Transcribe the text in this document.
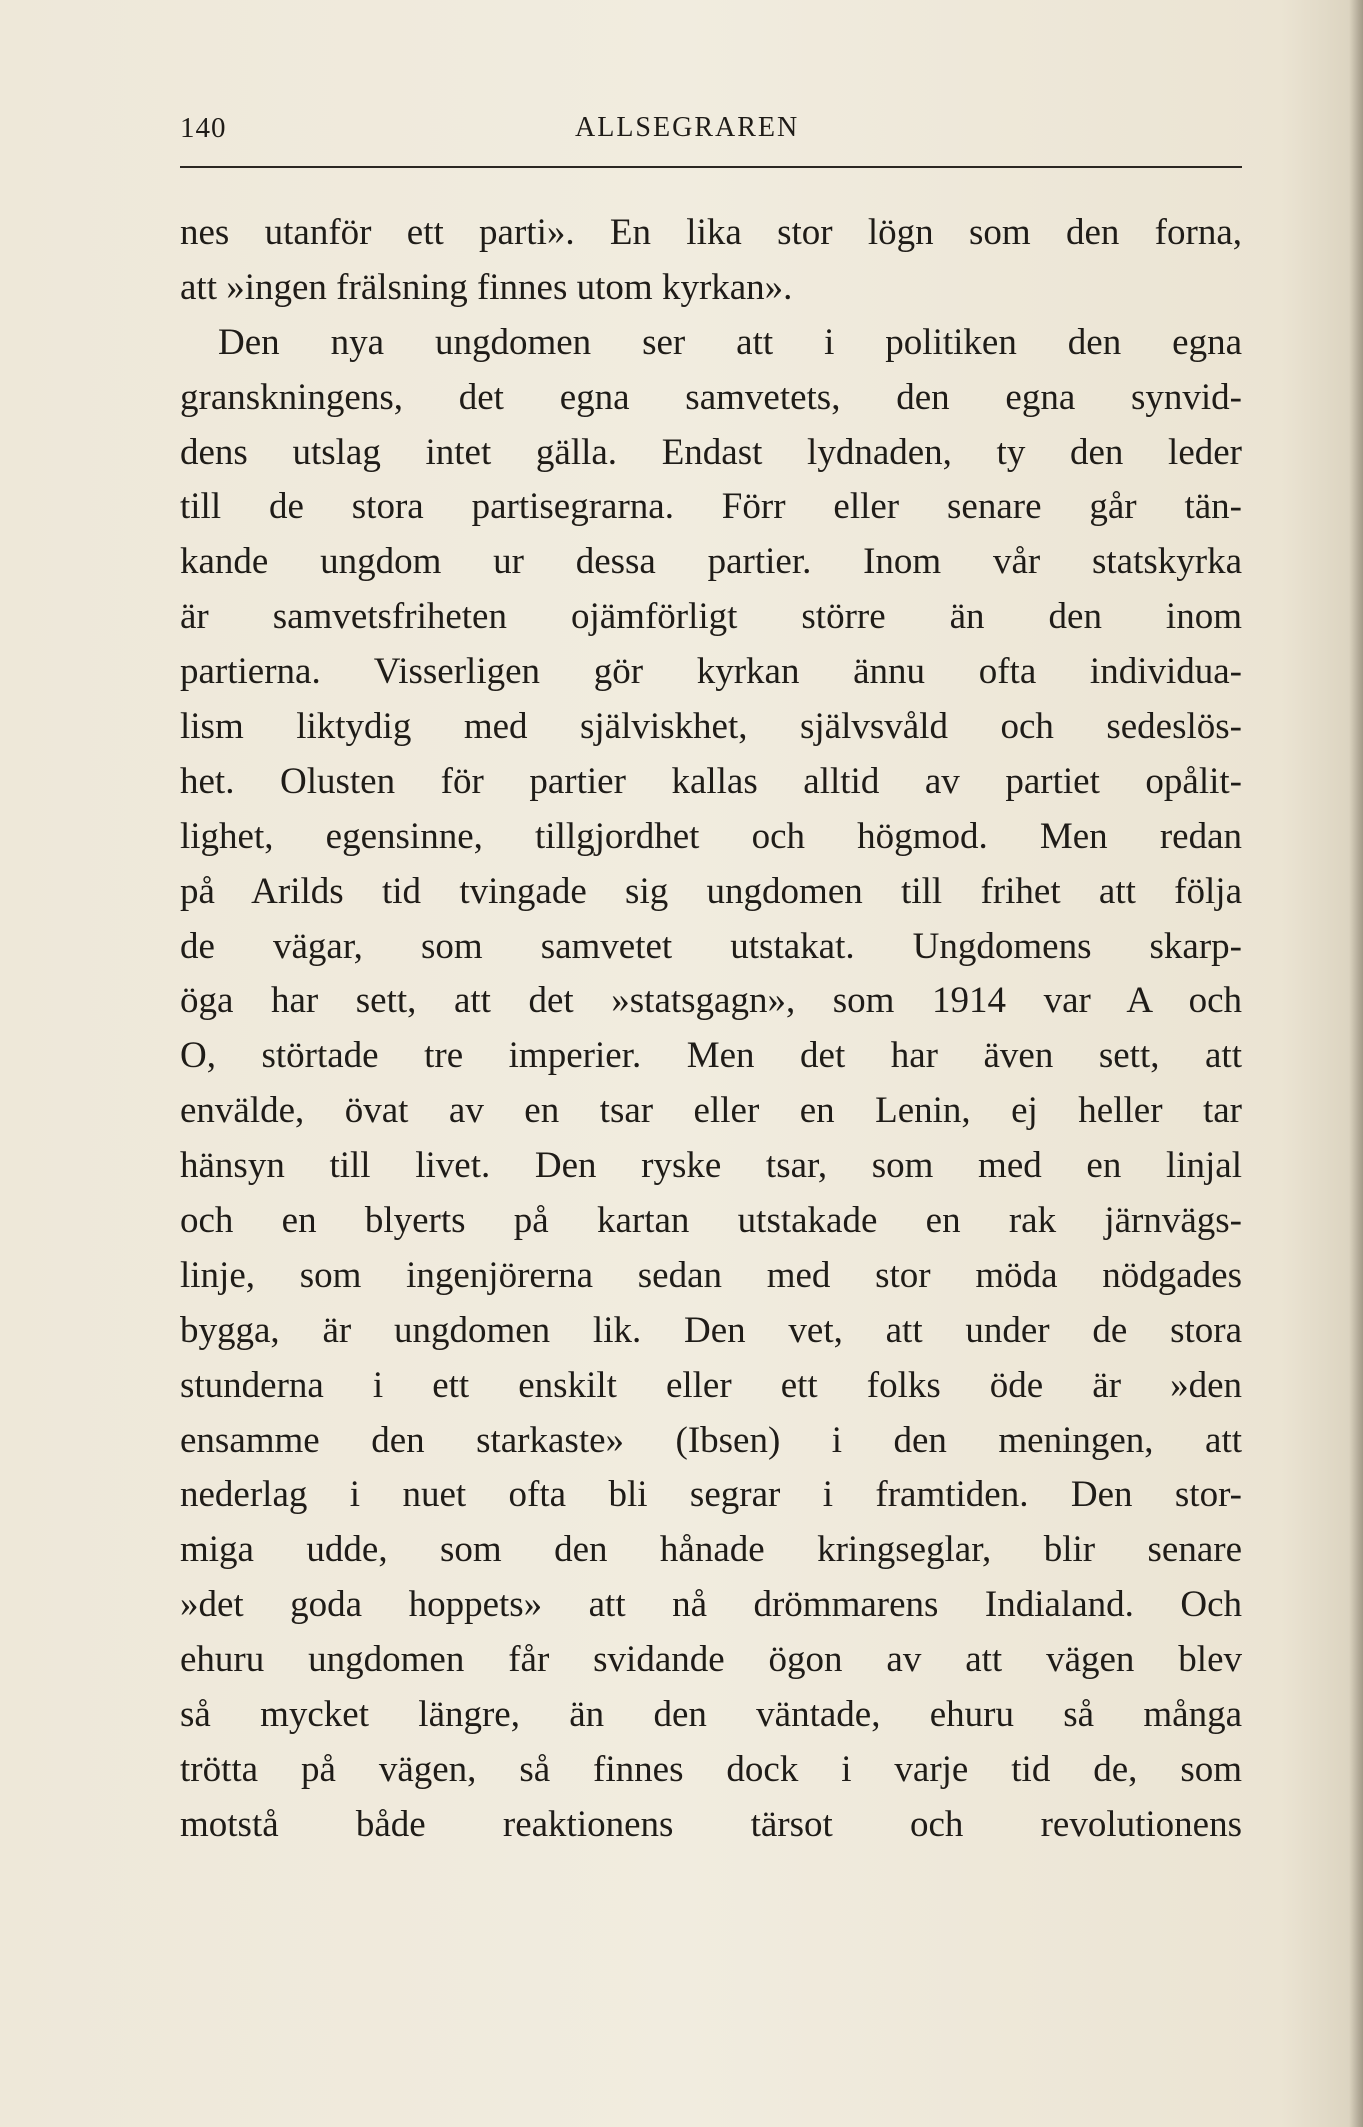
140	ALLSEGRAREN
nes utanför ett parti». En lika stor lögn som den forna,
att »ingen frälsning finnes utom kyrkan».
Den nya ungdomen ser att i politiken den egna
granskningens, det egna samvetets, den egna synvid-
dens utslag intet gälla. Endast lydnaden, ty den leder
till de stora partisegrarna. Förr eller senare går tän-
kande ungdom ur dessa partier. Inom vår statskyrka
är samvetsfriheten ojämförligt större än den inom
partierna. Visserligen gör kyrkan ännu ofta individua-
lism liktydig med själviskhet, självsvåld och sedeslös-
het. Olusten för partier kallas alltid av partiet opålit-
lighet, egensinne, tillgjordhet och högmod. Men redan
på Arilds tid tvingade sig ungdomen till frihet att följa
de vägar, som samvetet utstakat. Ungdomens skarp-
öga har sett, att det »statsgagn», som 1914 var A och
O, störtade tre imperier. Men det har även sett, att
envälde, övat av en tsar eller en Lenin, ej heller tar
hänsyn till livet. Den ryske tsar, som med en linjal
och en blyerts på kartan utstakade en rak järnvägs-
linje, som ingenjörerna sedan med stor möda nödgades
bygga, är ungdomen lik. Den vet, att under de stora
stunderna i ett enskilt eller ett folks öde är »den
ensamme den starkaste» (Ibsen) i den meningen, att
nederlag i nuet ofta bli segrar i framtiden. Den stor-
miga udde, som den hånade kringseglar, blir senare
»det goda hoppets» att nå drömmarens Indialand. Och
ehuru ungdomen får svidande ögon av att vägen blev
så mycket längre, än den väntade, ehuru så många
trötta på vägen, så finnes dock i varje tid de, som
motstå både reaktionens tärsot och revolutionens
